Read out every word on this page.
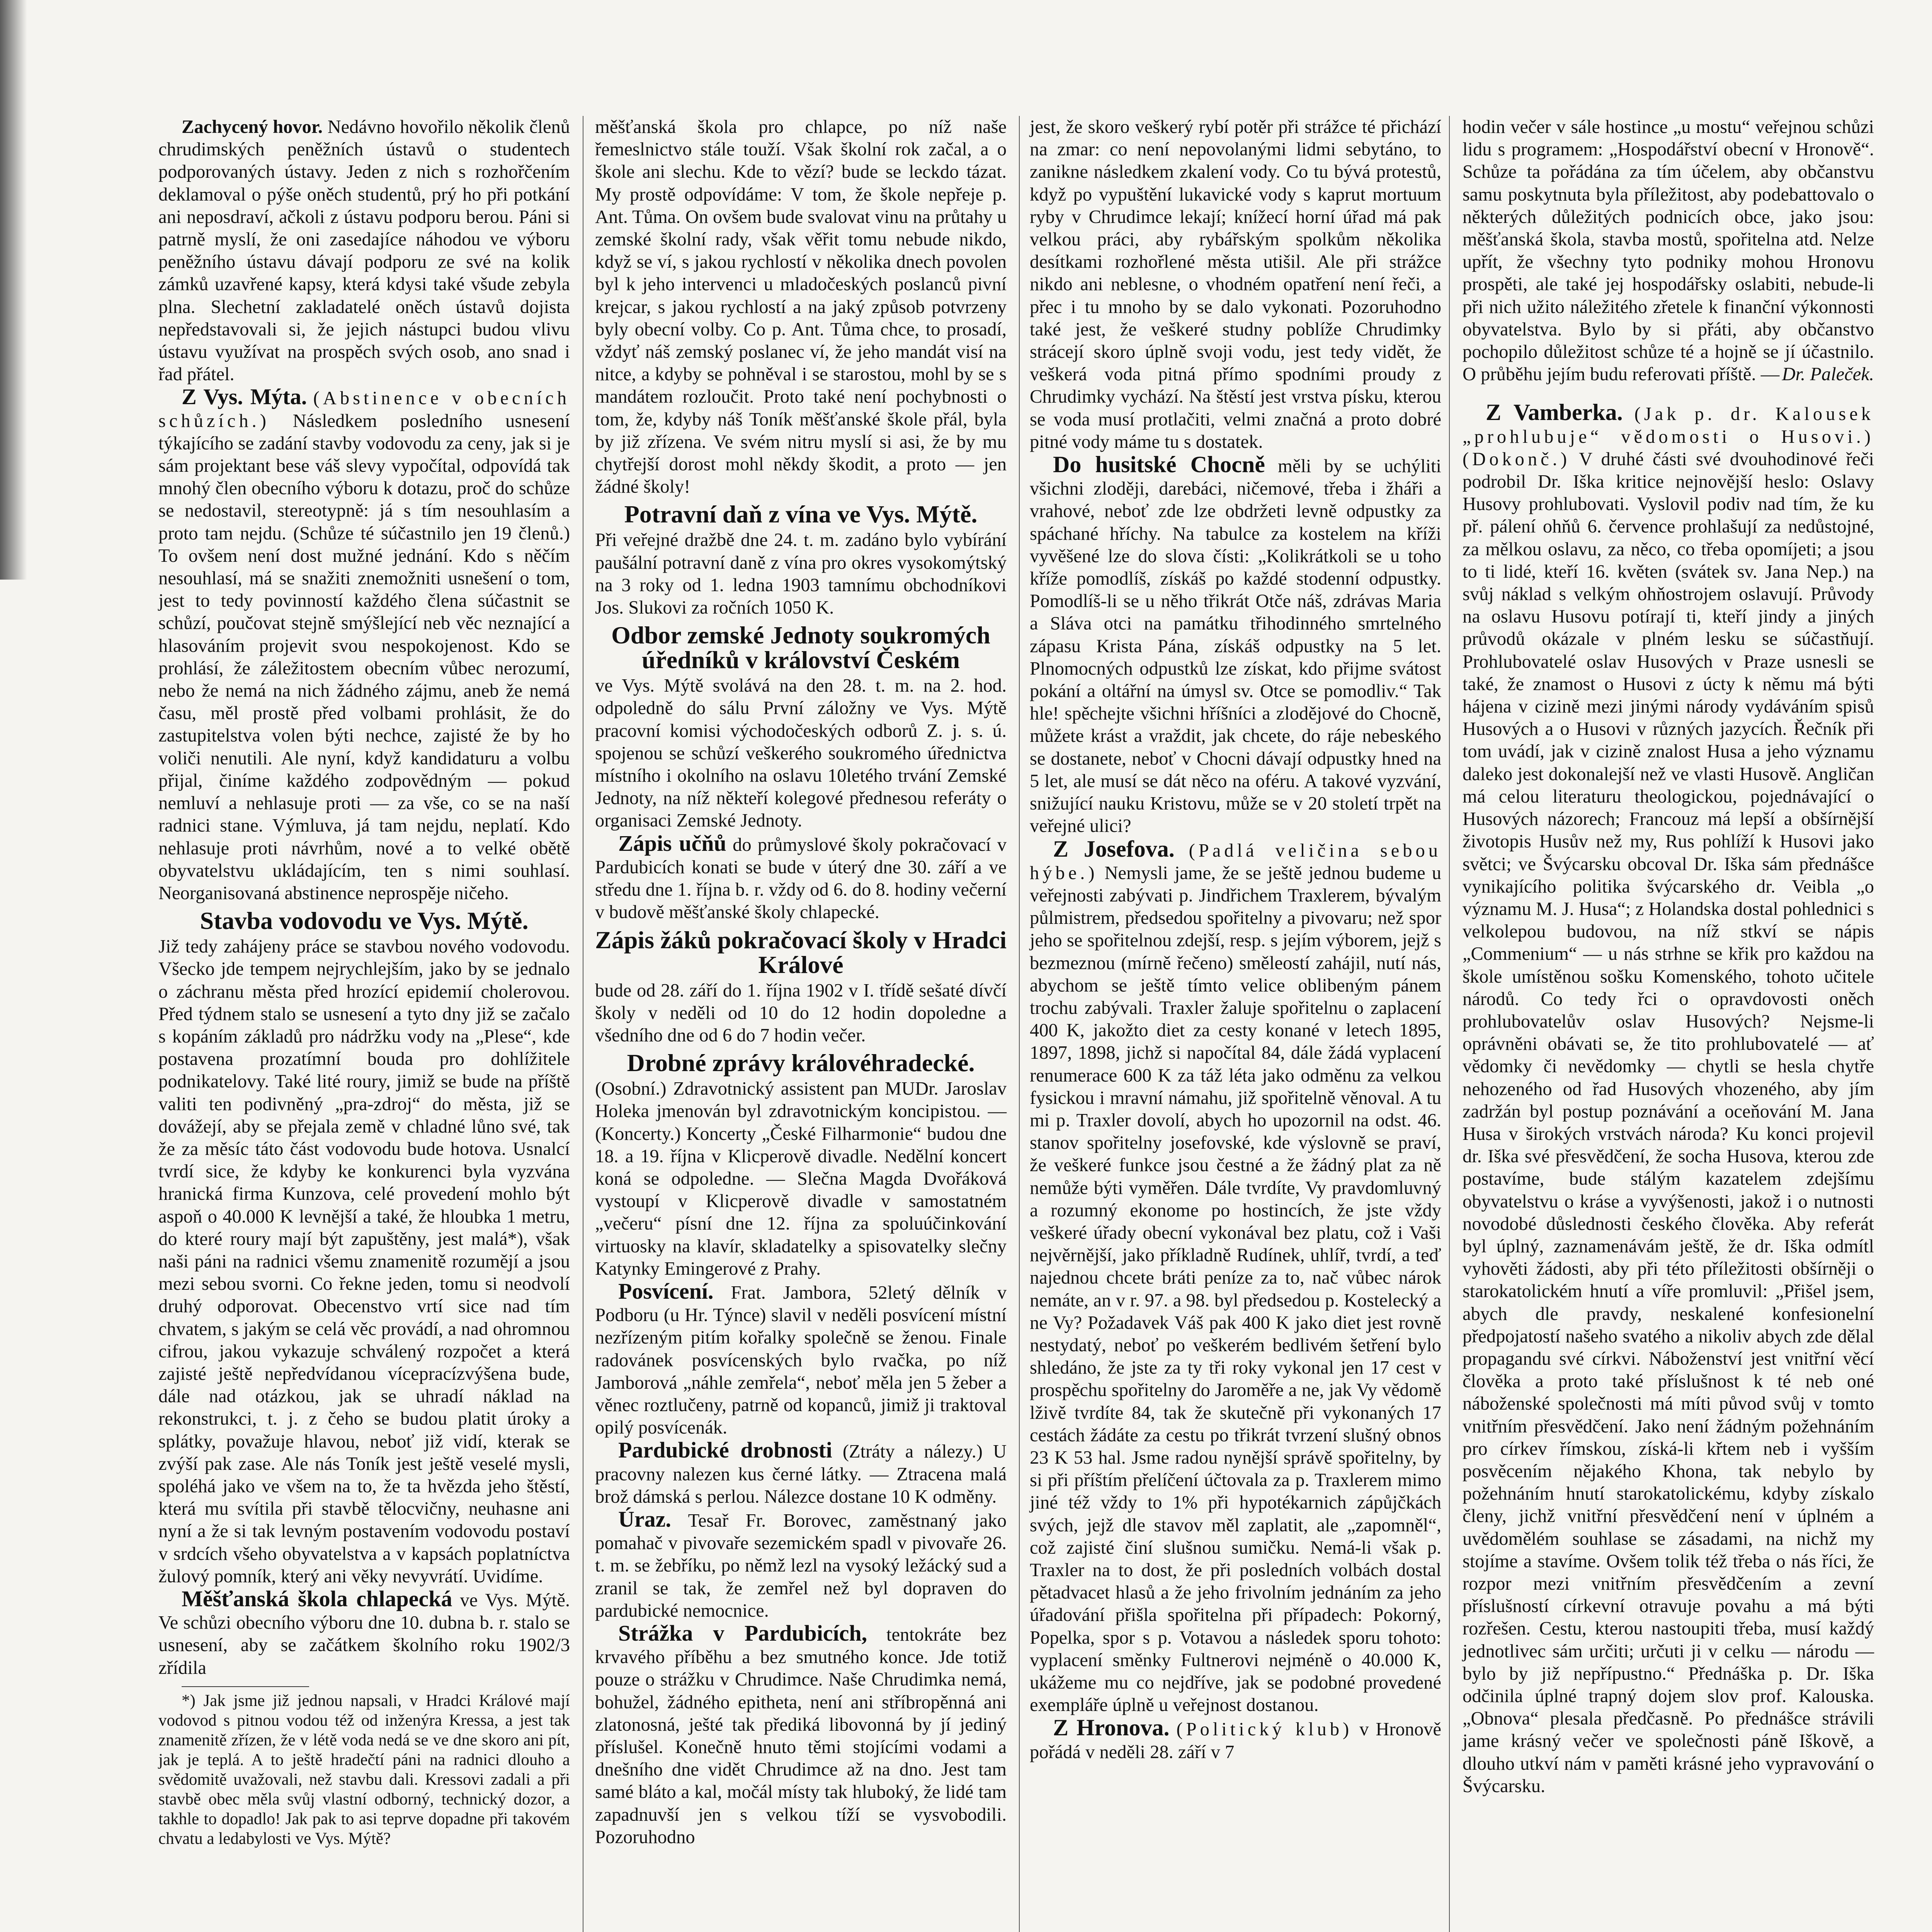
Zachycený hovor. Nedávno hovořilo několik členů chrudimských peněžních ústavů o studentech podporovaných ústavy. Jeden z nich s rozhořčením deklamoval o pýše oněch studentů, prý ho při potkání ani neposdraví, ačkoli z ústavu podporu berou. Páni si patrně myslí, že oni zasedajíce náhodou ve výboru peněžního ústavu dávají podporu ze své na kolik zámků uzavřené kapsy, která kdysi také všude zebyla plna. Slechetní zakladatelé oněch ústavů dojista nepředstavovali si, že jejich nástupci budou vlivu ústavu využívat na prospěch svých osob, ano snad i řad přátel.

Z Vys. Mýta. (Abstinence v obecních schůzích.) Následkem posledního usnesení týkajícího se zadání stavby vodovodu za ceny, jak si je sám projektant bese váš slevy vypočítal, odpovídá tak mnohý člen obecního výboru k dotazu, proč do schůze se nedostavil, stereotypně: já s tím nesouhlasím a proto tam nejdu. (Schůze té súčastnilo jen 19 členů.) To ovšem není dost mužné jednání. Kdo s něčím nesouhlasí, má se snažiti znemožniti usnešení o tom, jest to tedy povinností každého člena súčastnit se schůzí, poučovat stejně smýšlející neb věc neznající a hlasováním projevit svou nespokojenost. Kdo se prohlásí, že záležitostem obecním vůbec nerozumí, nebo že nemá na nich žádného zájmu, aneb že nemá času, měl prostě před volbami prohlásit, že do zastupitelstva volen býti nechce, zajisté že by ho voliči nenutili. Ale nyní, když kandidaturu a volbu přijal, činíme každého zodpovědným — pokud nemluví a nehlasuje proti — za vše, co se na naší radnici stane. Výmluva, já tam nejdu, neplatí. Kdo nehlasuje proti návrhům, nové a to velké obětě obyvatelstvu ukládajícím, ten s nimi souhlasí. Neorganisovaná abstinence neprospěje ničeho.

Stavba vodovodu ve Vys. Mýtě.

Již tedy zahájeny práce se stavbou nového vodovodu. Všecko jde tempem nejrychlejším, jako by se jednalo o záchranu města před hrozící epidemií cholerovou. Před týdnem stalo se usnesení a tyto dny již se začalo s kopáním základů pro nádržku vody na „Plese“, kde postavena prozatímní bouda pro dohlížitele podnikatelovy. Také lité roury, jimiž se bude na příště valiti ten podivněný „pra-zdroj“ do města, již se dovážejí, aby se přejala země v chladné lůno své, tak že za měsíc táto část vodovodu bude hotova. Usnalcí tvrdí sice, že kdyby ke konkurenci byla vyzvána hranická firma Kunzova, celé provedení mohlo být aspoň o 40.000 K levnější a také, že hloubka 1 metru, do které roury mají být zapuštěny, jest malá*), však naši páni na radnici všemu znamenitě rozumějí a jsou mezi sebou svorni. Co řekne jeden, tomu si neodvolí druhý odporovat. Obecenstvo vrtí sice nad tím chvatem, s jakým se celá věc provádí, a nad ohromnou cifrou, jakou vykazuje schválený rozpočet a která zajisté ještě nepředvídanou vícepracízvýšena bude, dále nad otázkou, jak se uhradí náklad na rekonstrukci, t. j. z čeho se budou platit úroky a splátky, považuje hlavou, neboť již vidí, kterak se zvýší pak zase. Ale nás Toník jest ještě veselé mysli, spoléhá jako ve všem na to, že ta hvězda jeho štěstí, která mu svítila při stavbě tělocvičny, neuhasne ani nyní a že si tak levným postavením vodovodu postaví v srdcích všeho obyvatelstva a v kapsách poplatníctva žulový pomník, který ani věky nevyvrátí. Uvidíme.

Měšťanská škola chlapecká ve Vys. Mýtě. Ve schůzi obecního výboru dne 10. dubna b. r. stalo se usnesení, aby se začátkem školního roku 1902/3 zřídila

*) Jak jsme již jednou napsali, v Hradci Králové mají vodovod s pitnou vodou též od inženýra Kressa, a jest tak znamenitě zřízen, že v létě voda nedá se ve dne skoro ani pít, jak je teplá. A to ještě hradečtí páni na radnici dlouho a svědomitě uvažovali, než stavbu dali. Kressovi zadali a při stavbě obec měla svůj vlastní odborný, technický dozor, a takhle to dopadlo! Jak pak to asi teprve dopadne při takovém chvatu a ledabylosti ve Vys. Mýtě?

měšťanská škola pro chlapce, po níž naše řemeslnictvo stále touží. Však školní rok začal, a o škole ani slechu. Kde to vězí? bude se leckdo tázat. My prostě odpovídáme: V tom, že škole nepřeje p. Ant. Tůma. On ovšem bude svalovat vinu na průtahy u zemské školní rady, však věřit tomu nebude nikdo, když se ví, s jakou rychlostí v několika dnech povolen byl k jeho intervenci u mladočeských poslanců pivní krejcar, s jakou rychlostí a na jaký způsob potvrzeny byly obecní volby. Co p. Ant. Tůma chce, to prosadí, vždyť náš zemský poslanec ví, že jeho mandát visí na nitce, a kdyby se pohněval i se starostou, mohl by se s mandátem rozloučit. Proto také není pochybnosti o tom, že, kdyby náš Toník měšťanské škole přál, byla by již zřízena. Ve svém nitru myslí si asi, že by mu chytřejší dorost mohl někdy škodit, a proto — jen žádné školy!

Potravní daň z vína ve Vys. Mýtě.

Při veřejné dražbě dne 24. t. m. zadáno bylo vybírání paušální potravní daně z vína pro okres vysokomýtský na 3 roky od 1. ledna 1903 tamnímu obchodníkovi Jos. Slukovi za ročních 1050 K.

Odbor zemské Jednoty soukromých úředníků v království Českém

ve Vys. Mýtě svolává na den 28. t. m. na 2. hod. odpoledně do sálu První záložny ve Vys. Mýtě pracovní komisi východočeských odborů Z. j. s. ú. spojenou se schůzí veškerého soukromého úřednictva místního i okolního na oslavu 10letého trvání Zemské Jednoty, na níž někteří kolegové přednesou referáty o organisaci Zemské Jednoty.

Zápis učňů do průmyslové školy pokračovací v Pardubicích konati se bude v úterý dne 30. září a ve středu dne 1. října b. r. vždy od 6. do 8. hodiny večerní v budově měšťanské školy chlapecké.

Zápis žáků pokračovací školy v Hradci Králové

bude od 28. září do 1. října 1902 v I. třídě sešaté dívčí školy v neděli od 10 do 12 hodin dopoledne a všedního dne od 6 do 7 hodin večer.

Drobné zprávy královéhradecké.

(Osobní.) Zdravotnický assistent pan MUDr. Jaroslav Holeka jmenován byl zdravotnickým koncipistou. — (Koncerty.) Koncerty „České Filharmonie“ budou dne 18. a 19. října v Klicperově divadle. Nedělní koncert koná se odpoledne. — Slečna Magda Dvořáková vystoupí v Klicperově divadle v samostatném „večeru“ písní dne 12. října za spoluúčinkování virtuosky na klavír, skladatelky a spisovatelky slečny Katynky Emingerové z Prahy.

Posvícení. Frat. Jambora, 52letý dělník v Podboru (u Hr. Týnce) slavil v neděli posvícení místní nezřízeným pitím kořalky společně se ženou. Finale radovánek posvícenských bylo rvačka, po níž Jamborová „náhle zemřela“, neboť měla jen 5 žeber a věnec roztlučeny, patrně od kopanců, jimiž ji traktoval opilý posvícenák.

Pardubické drobnosti (Ztráty a nálezy.) U pracovny nalezen kus černé látky. — Ztracena malá brož dámská s perlou. Nálezce dostane 10 K odměny.

Úraz. Tesař Fr. Borovec, zaměstnaný jako pomahač v pivovaře sezemickém spadl v pivovaře 26. t. m. se žebříku, po němž lezl na vysoký ležácký sud a zranil se tak, že zemřel než byl dopraven do pardubické nemocnice.

Strážka v Pardubicích, tentokráte bez krvavého příběhu a bez smutného konce. Jde totiž pouze o strážku v Chrudimce. Naše Chrudimka nemá, bohužel, žádného epitheta, není ani stříbropěnná ani zlatonosná, ješté tak přediká libovonná by jí jediný příslušel. Konečně hnuto těmi stojícími vodami a dnešního dne vidět Chrudimce až na dno. Jest tam samé bláto a kal, močál místy tak hluboký, že lidé tam zapadnuvší jen s velkou tíží se vysvobodili. Pozoruhodno

jest, že skoro veškerý rybí potěr při strážce té přichází na zmar: co není nepovolanými lidmi sebytáno, to zanikne následkem zkalení vody. Co tu bývá protestů, když po vypuštění lukavické vody s kaprut mortuum ryby v Chrudimce lekají; knížecí horní úřad má pak velkou práci, aby rybářským spolkům několika desítkami rozhořlené města utišil. Ale při strážce nikdo ani neblesne, o vhodném opatření není řeči, a přec i tu mnoho by se dalo vykonati. Pozoruhodno také jest, že veškeré studny poblíže Chrudimky strácejí skoro úplně svoji vodu, jest tedy vidět, že veškerá voda pitná přímo spodními proudy z Chrudimky vychází. Na štěstí jest vrstva písku, kterou se voda musí protlačiti, velmi značná a proto dobré pitné vody máme tu s dostatek.

Do husitské Chocně měli by se uchýliti všichni zloději, darebáci, ničemové, třeba i žháři a vrahové, neboť zde lze obdržeti levně odpustky za spáchané hříchy. Na tabulce za kostelem na kříži vyvěšené lze do slova čísti: „Kolikrátkoli se u toho kříže pomodlíš, získáš po každé stodenní odpustky. Pomodlíš-li se u něho třikrát Otče náš, zdrávas Maria a Sláva otci na památku třihodinného smrtelného zápasu Krista Pána, získáš odpustky na 5 let. Plnomocných odpustků lze získat, kdo přijme svátost pokání a oltářní na úmysl sv. Otce se pomodliv.“ Tak hle! spěchejte všichni hříšníci a zlodějové do Chocně, můžete krást a vraždit, jak chcete, do ráje nebeského se dostanete, neboť v Chocni dávají odpustky hned na 5 let, ale musí se dát něco na oféru. A takové vyzvání, snižující nauku Kristovu, může se v 20 století trpět na veřejné ulici?

Z Josefova. (Padlá veličina sebou hýbe.) Nemysli jame, že se ještě jednou budeme u veřejnosti zabývati p. Jindřichem Traxlerem, bývalým půlmistrem, předsedou spořitelny a pivovaru; než spor jeho se spořitelnou zdejší, resp. s jejím výborem, jejž s bezmeznou (mírně řečeno) směleostí zahájil, nutí nás, abychom se ještě tímto velice oblibeným pánem trochu zabývali. Traxler žaluje spořitelnu o zaplacení 400 K, jakožto diet za cesty konané v letech 1895, 1897, 1898, jichž si napočítal 84, dále žádá vyplacení renumerace 600 K za táž léta jako odměnu za velkou fysickou i mravní námahu, již spořitelně věnoval. A tu mi p. Traxler dovolí, abych ho upozornil na odst. 46. stanov spořitelny josefovské, kde výslovně se praví, že veškeré funkce jsou čestné a že žádný plat za ně nemůže býti vyměřen. Dále tvrdíte, Vy pravdomluvný a rozumný ekonome po hostincích, že jste vždy veškeré úřady obecní vykonával bez platu, což i Vaši nejvěrnější, jako příkladně Rudínek, uhlíř, tvrdí, a teď najednou chcete bráti peníze za to, nač vůbec nárok nemáte, an v r. 97. a 98. byl předsedou p. Kostelecký a ne Vy? Požadavek Váš pak 400 K jako diet jest rovně nestydatý, neboť po veškerém bedlivém šetření bylo shledáno, že jste za ty tři roky vykonal jen 17 cest v prospěchu spořitelny do Jaroměře a ne, jak Vy vědomě lživě tvrdíte 84, tak že skutečně při vykonaných 17 cestách žádáte za cestu po třikrát tvrzení slušný obnos 23 K 53 hal. Jsme radou nynější správě spořitelny, by si při příštím přelíčení účtovala za p. Traxlerem mimo jiné též vždy to 1% při hypotékarnich zápůjčkách svých, jejž dle stavov měl zaplatit, ale „zapomněl“, což zajisté činí slušnou sumičku. Nemá-li však p. Traxler na to dost, že při posledních volbách dostal pětadvacet hlasů a že jeho frivolním jednáním za jeho úřadování přišla spořitelna při případech: Pokorný, Popelka, spor s p. Votavou a následek sporu tohoto: vyplacení směnky Fultnerovi nejméně o 40.000 K, ukážeme mu co nejdříve, jak se podobné provedené exempláře úplně u veřejnost dostanou.

Z Hronova. (Politický klub) v Hronově pořádá v neděli 28. září v 7

hodin večer v sále hostince „u mostu“ veřejnou schůzi lidu s programem: „Hospodářství obecní v Hronově“. Schůze ta pořádána za tím účelem, aby občanstvu samu poskytnuta byla příležitost, aby podebattovalo o některých důležitých podnicích obce, jako jsou: měšťanská škola, stavba mostů, spořitelna atd. Nelze upřít, že všechny tyto podniky mohou Hronovu prospěti, ale také jej hospodářsky oslabiti, nebude-li při nich užito náležitého zřetele k finanční výkonnosti obyvatelstva. Bylo by si přáti, aby občanstvo pochopilo důležitost schůze té a hojně se jí účastnilo. O průběhu jejím budu referovati příště. — Dr. Paleček.

Z Vamberka. (Jak p. dr. Kalousek „prohlubuje“ vědomosti o Husovi.) (Dokonč.) V druhé části své dvouhodinové řeči podrobil Dr. Iška kritice nejnovější heslo: Oslavy Husovy prohlubovati. Vyslovil podiv nad tím, že ku př. pálení ohňů 6. července prohlašují za nedůstojné, za mělkou oslavu, za něco, co třeba opomíjeti; a jsou to ti lidé, kteří 16. květen (svátek sv. Jana Nep.) na svůj náklad s velkým ohňostrojem oslavují. Průvody na oslavu Husovu potírají ti, kteří jindy a jiných průvodů okázale v plném lesku se súčastňují. Prohlubovatelé oslav Husových v Praze usnesli se také, že znamost o Husovi z úcty k němu má býti hájena v cizině mezi jinými národy vydáváním spisů Husových a o Husovi v různých jazycích. Řečník při tom uvádí, jak v cizině znalost Husa a jeho významu daleko jest dokonalejší než ve vlasti Husově. Angličan má celou literaturu theologickou, pojednávající o Husových názorech; Francouz má lepší a obšírnější životopis Husův než my, Rus pohlíží k Husovi jako světci; ve Švýcarsku obcoval Dr. Iška sám přednášce vynikajícího politika švýcarského dr. Veibla „o významu M. J. Husa“; z Holandska dostal pohlednici s velkolepou budovou, na níž stkví se nápis „Commenium“ — u nás strhne se křik pro každou na škole umístěnou sošku Komenského, tohoto učitele národů. Co tedy řci o opravdovosti oněch prohlubovatelův oslav Husových? Nejsme-li oprávněni obávati se, že tito prohlubovatelé — ať vědomky či nevědomky — chytli se hesla chytře nehozeného od řad Husových vhozeného, aby jím zadržán byl postup poznávání a oceňování M. Jana Husa v širokých vrstvách národa? Ku konci projevil dr. Iška své přesvědčení, že socha Husova, kterou zde postavíme, bude stálým kazatelem zdejšímu obyvatelstvu o kráse a vyvýšenosti, jakož i o nutnosti novodobé důslednosti českého člověka. Aby referát byl úplný, zaznamenávám ještě, že dr. Iška odmítl vyhověti žádosti, aby při této příležitosti obšírněji o starokatolickém hnutí a víře promluvil: „Přišel jsem, abych dle pravdy, neskalené konfesionelní předpojatostí našeho svatého a nikoliv abych zde dělal propagandu své církvi. Náboženství jest vnitřní věcí člověka a proto také příslušnost k té neb oné náboženské společnosti má míti původ svůj v tomto vnitřním přesvědčení. Jako není žádným požehnáním pro církev římskou, získá-li křtem neb i vyšším posvěcením nějakého Khona, tak nebylo by požehnáním hnutí starokatolickému, kdyby získalo členy, jichž vnitřní přesvědčení není v úplném a uvědomělém souhlase se zásadami, na nichž my stojíme a stavíme. Ovšem tolik též třeba o nás říci, že rozpor mezi vnitřním přesvědčením a zevní příslušností církevní otravuje povahu a má býti rozřešen. Cestu, kterou nastoupiti třeba, musí každý jednotlivec sám určiti; určuti ji v celku — národu — bylo by již nepřípustno.“ Přednáška p. Dr. Iška odčinila úplné trapný dojem slov prof. Kalouska. „Obnova“ plesala předčasně. Po přednášce strávili jame krásný večer ve společnosti páně Iškově, a dlouho utkví nám v paměti krásné jeho vypravování o Švýcarsku.
